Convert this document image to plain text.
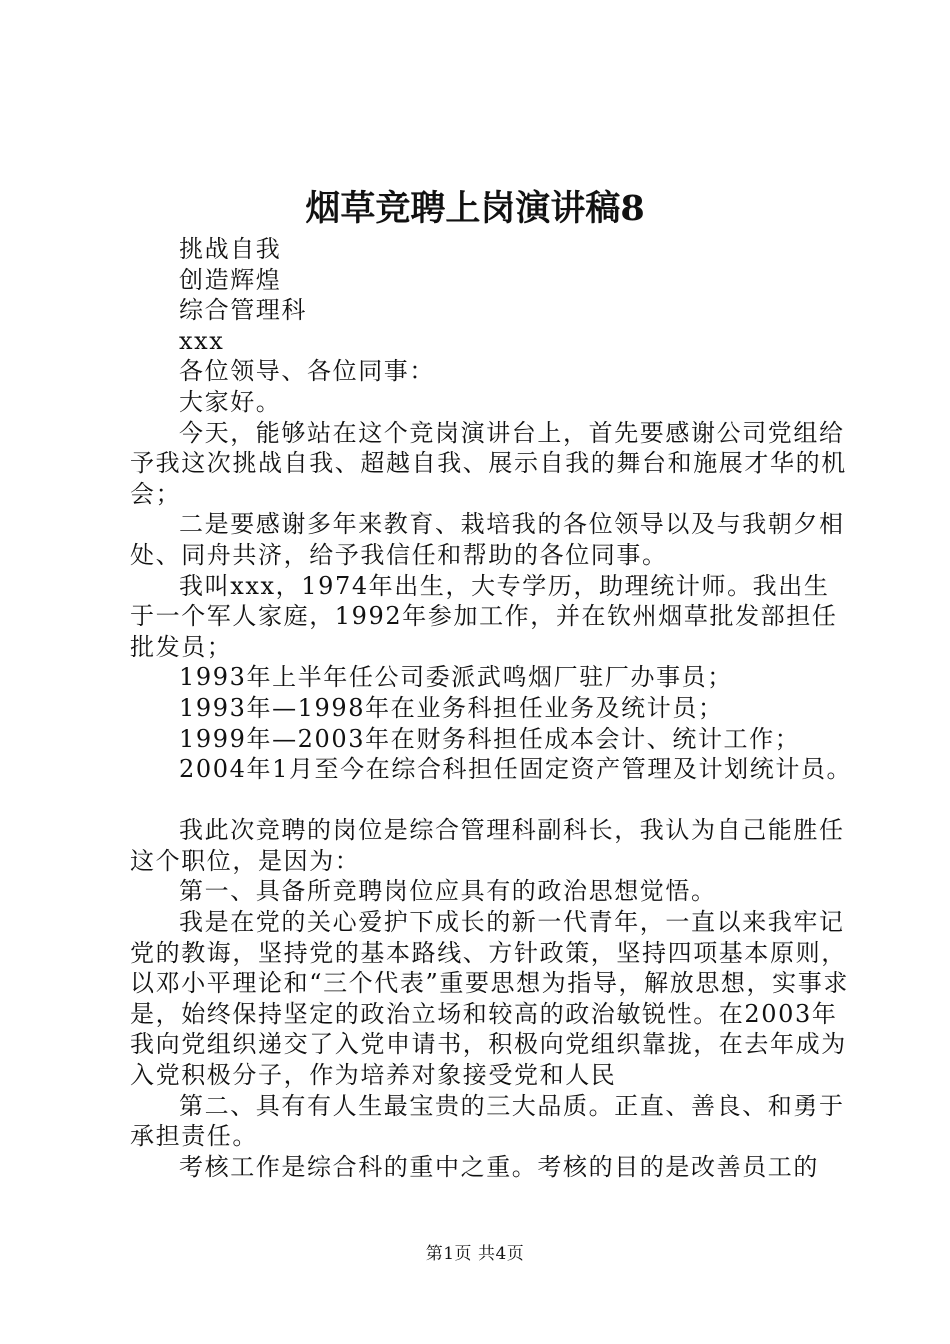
烟草竞聘上岗演讲稿8

挑战自我

创造辉煌

综合管理科

xxx

各位领导、各位同事：

大家好。

今天，能够站在这个竞岗演讲台上，首先要感谢公司党组给予我这次挑战自我、超越自我、展示自我的舞台和施展才华的机会；

二是要感谢多年来教育、栽培我的各位领导以及与我朝夕相处、同舟共济，给予我信任和帮助的各位同事。

我叫xxx，1974年出生，大专学历，助理统计师。我出生于一个军人家庭，1992年参加工作，并在钦州烟草批发部担任批发员；

1993年上半年任公司委派武鸣烟厂驻厂办事员；

1993年—1998年在业务科担任业务及统计员；

1999年—2003年在财务科担任成本会计、统计工作；

2004年1月至今在综合科担任固定资产管理及计划统计员。

我此次竞聘的岗位是综合管理科副科长，我认为自己能胜任这个职位，是因为：

第一、具备所竞聘岗位应具有的政治思想觉悟。

我是在党的关心爱护下成长的新一代青年，一直以来我牢记党的教诲，坚持党的基本路线、方针政策，坚持四项基本原则，以邓小平理论和“三个代表”重要思想为指导，解放思想，实事求是，始终保持坚定的政治立场和较高的政治敏锐性。在2003年我向党组织递交了入党申请书，积极向党组织靠拢，在去年成为入党积极分子，作为培养对象接受党和人民

第二、具有有人生最宝贵的三大品质。正直、善良、和勇于承担责任。

考核工作是综合科的重中之重。考核的目的是改善员工的

第1页 共4页
